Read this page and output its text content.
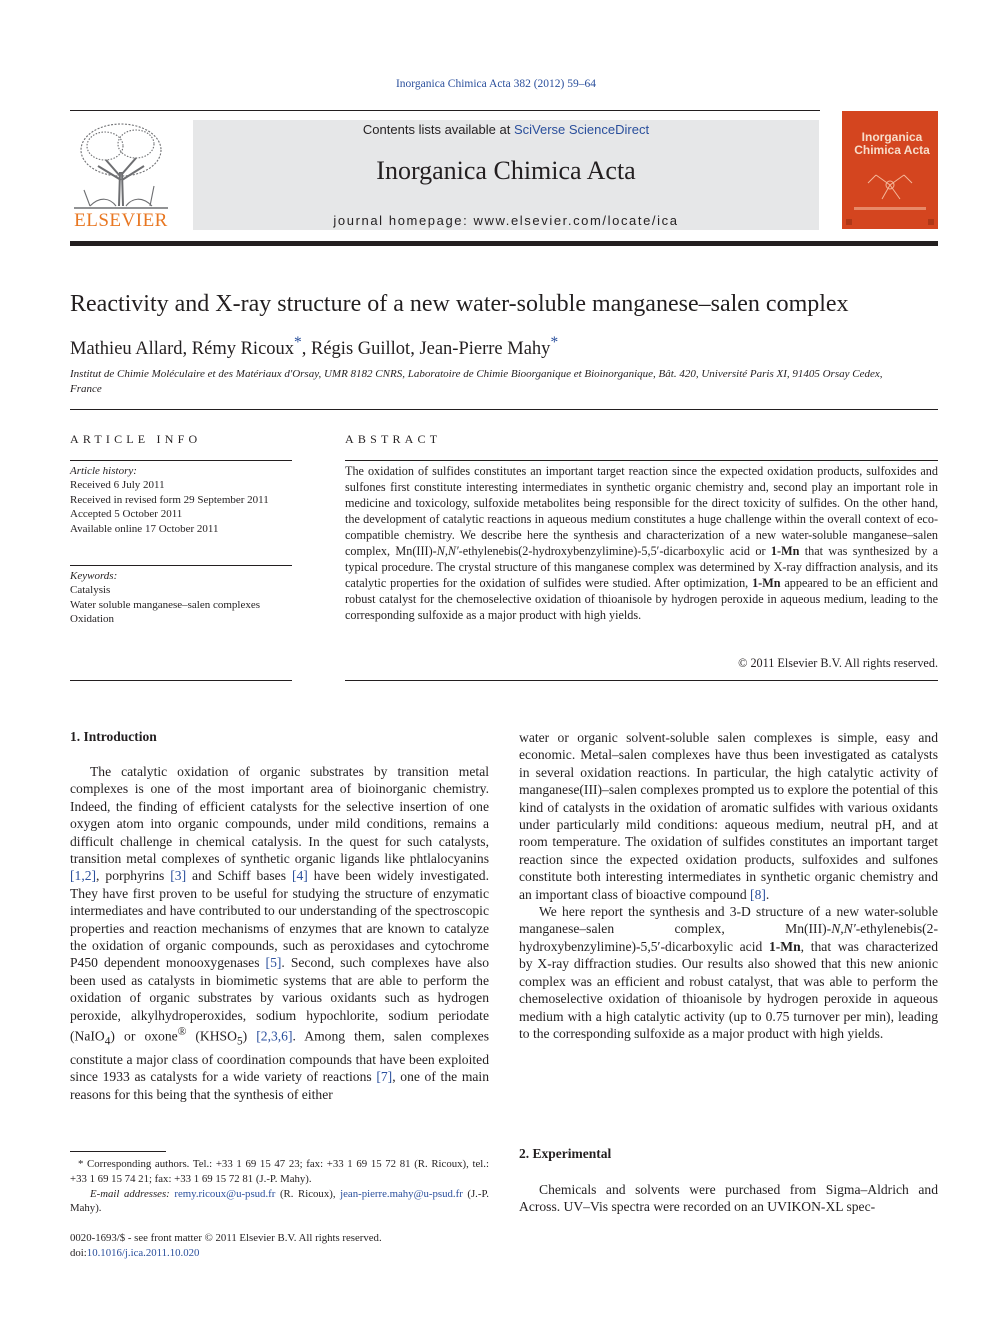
Inorganica Chimica Acta 382 (2012) 59–64
ELSEVIER
Contents lists available at SciVerse ScienceDirect
Inorganica Chimica Acta
journal homepage: www.elsevier.com/locate/ica
Inorganica
Chimica Acta
Reactivity and X-ray structure of a new water-soluble manganese–salen complex
Mathieu Allard, Rémy Ricoux*, Régis Guillot, Jean-Pierre Mahy*
Institut de Chimie Moléculaire et des Matériaux d'Orsay, UMR 8182 CNRS, Laboratoire de Chimie Bioorganique et Bioinorganique, Bât. 420, Université Paris XI, 91405 Orsay Cedex, France
ARTICLE INFO	ABSTRACT
Article history:
Received 6 July 2011
Received in revised form 29 September 2011
Accepted 5 October 2011
Available online 17 October 2011
Keywords:
Catalysis
Water soluble manganese–salen complexes
Oxidation
The oxidation of sulfides constitutes an important target reaction since the expected oxidation products, sulfoxides and sulfones first constitute interesting intermediates in synthetic organic chemistry and, second play an important role in medicine and toxicology, sulfoxide metabolites being responsible for the direct toxicity of sulfides. On the other hand, the development of catalytic reactions in aqueous medium constitutes a huge challenge within the overall context of eco-compatible chemistry. We describe here the synthesis and characterization of a new water-soluble manganese–salen complex, Mn(III)-N,N′-ethylenebis(2-hydroxybenzylimine)-5,5′-dicarboxylic acid or 1-Mn that was synthesized by a typical procedure. The crystal structure of this manganese complex was determined by X-ray diffraction analysis, and its catalytic properties for the oxidation of sulfides were studied. After optimization, 1-Mn appeared to be an efficient and robust catalyst for the chemoselective oxidation of thioanisole by hydrogen peroxide in aqueous medium, leading to the corresponding sulfoxide as a major product with high yields.
© 2011 Elsevier B.V. All rights reserved.
1. Introduction

The catalytic oxidation of organic substrates by transition metal complexes is one of the most important area of bioinorganic chemistry. Indeed, the finding of efficient catalysts for the selective insertion of one oxygen atom into organic compounds, under mild conditions, remains a difficult challenge in chemical catalysis. In the quest for such catalysts, transition metal complexes of synthetic organic ligands like phtlalocyanins [1,2], porphyrins [3] and Schiff bases [4] have been widely investigated. They have first proven to be useful for studying the structure of enzymatic intermediates and have contributed to our understanding of the spectroscopic properties and reaction mechanisms of enzymes that are known to catalyze the oxidation of organic compounds, such as peroxidases and cytochrome P450 dependent monooxygenases [5]. Second, such complexes have also been used as catalysts in biomimetic systems that are able to perform the oxidation of organic substrates by various oxidants such as hydrogen peroxide, alkylhydroperoxides, sodium hypochlorite, sodium periodate (NaIO$_4$) or oxone® $(KHSO_5)$ [2,3,6]. Among them, salen complexes constitute a major class of coordination compounds that have been exploited since 1933 as catalysts for a wide variety of reactions [7], one of the main reasons for this being that the synthesis of either

* Corresponding authors. Tel.: +33 1 69 15 47 23; fax: +33 1 69 15 72 81 (R. Ricoux), tel.: +33 1 69 15 74 21; fax: +33 1 69 15 72 81 (J.-P. Mahy).

E-mail addresses: remy.ricoux@u-psud.fr (R. Ricoux), jean-pierre.mahy@u-psud.fr (J.-P. Mahy).

0020-1693/$ - see front matter © 2011 Elsevier B.V. All rights reserved.
doi:10.1016/j.ica.2011.10.020

water or organic solvent-soluble salen complexes is simple, easy and economic. Metal–salen complexes have thus been investigated as catalysts in several oxidation reactions. In particular, the high catalytic activity of manganese(III)–salen complexes prompted us to explore the potential of this kind of catalysts in the oxidation of aromatic sulfides with various oxidants under particularly mild conditions: aqueous medium, neutral pH, and at room temperature. The oxidation of sulfides constitutes an important target reaction since the expected oxidation products, sulfoxides and sulfones constitute both interesting intermediates in synthetic organic chemistry and an important class of bioactive compound [8].

We here report the synthesis and 3-D structure of a new water-soluble manganese–salen complex, Mn(III)-N,N′-ethylenebis(2-hydroxybenzylimine)-5,5′-dicarboxylic acid 1-Mn, that was characterized by X-ray diffraction studies. Our results also showed that this new anionic complex was an efficient and robust catalyst, that was able to perform the chemoselective oxidation of thioanisole by hydrogen peroxide in aqueous medium with a high catalytic activity (up to 0.75 turnover per min), leading to the corresponding sulfoxide as a major product with high yields.

2. Experimental

Chemicals and solvents were purchased from Sigma–Aldrich and Across. UV–Vis spectra were recorded on an UVIKON-XL spec-
